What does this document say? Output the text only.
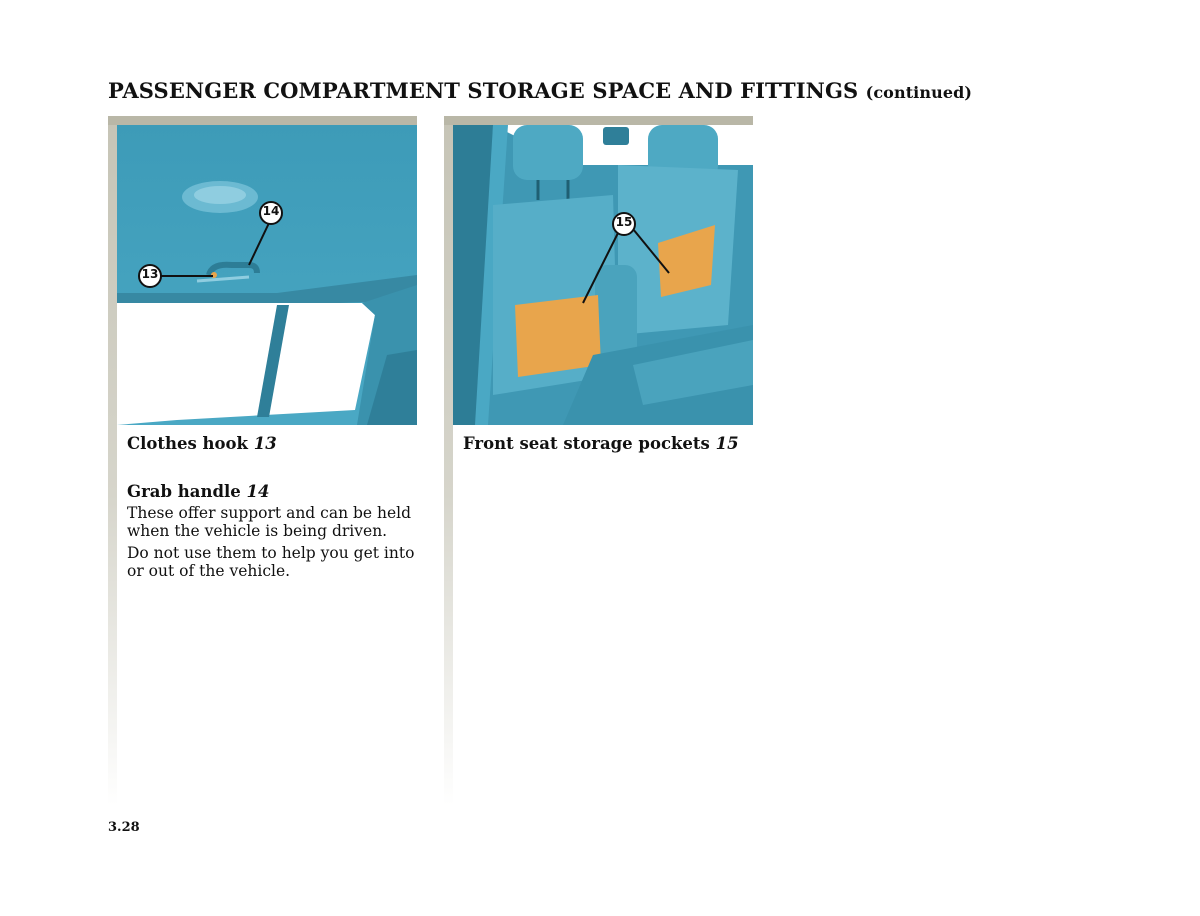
PASSENGER COMPARTMENT STORAGE SPACE AND FITTINGS (continued)
14
13

Clothes hook 13

Grab handle 14

These offer support and can be held when the vehicle is being driven.

Do not use them to help you get into or out of the vehicle.

15

Front seat storage pockets 15

3.28
